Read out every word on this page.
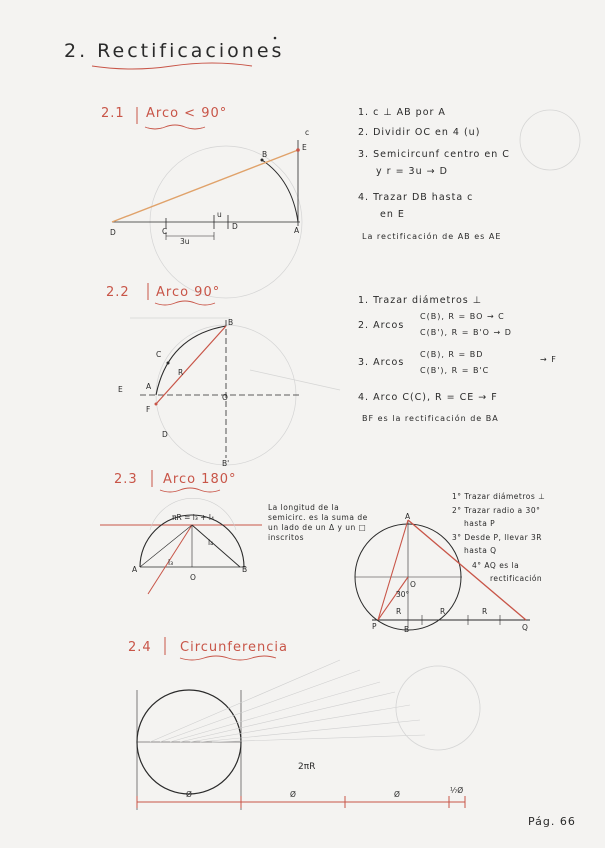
2. Rectificaciones
2.1 Arco < 90°
c
B
E
D	C
D	A
3u
u
1. c ⊥ AB por A
2. Dividir OC en 4 (u)
3. Semicircunf centro en C
y r = 3u → D
4. Trazar DB hasta c
en E
La rectificación de AB es AE
2.2 Arco 90°
B
C
E	A
F
O
D
B'
R
1. Trazar diámetros ⊥
2. Arcos
C(B), R = BO → C
C(B'), R = B'O → D
3. Arcos
C(B), R = BD
C(B'), R = B'C
→ F
4. Arco C(C), R = CE → F
BF es la rectificación de BA
2.3 Arco 180°
πR = l₃ + l₄
A	B
O
l₃
l₄
La longitud de la semicirc. es la suma de un lado de un Δ y un □ inscritos
A
O
B
P	Q
30°
R	R	R
1° Trazar diámetros ⊥
2° Trazar radio a 30°
hasta P
3° Desde P, llevar 3R
hasta Q
4° AQ es la
rectificación
2.4 Circunferencia
2πR
Ø	Ø	Ø	⅐Ø
Pág. 66
